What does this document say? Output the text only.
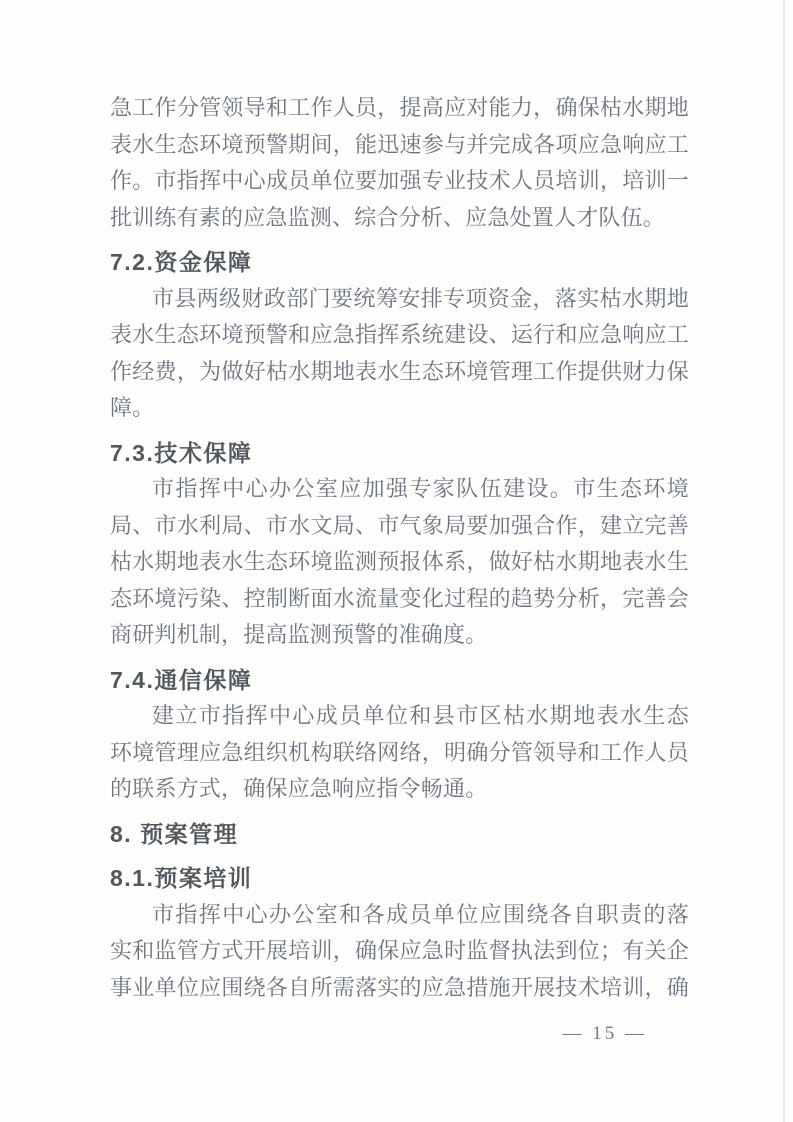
急工作分管领导和工作人员，提高应对能力，确保枯水期地
表水生态环境预警期间，能迅速参与并完成各项应急响应工
作。市指挥中心成员单位要加强专业技术人员培训，培训一
批训练有素的应急监测、综合分析、应急处置人才队伍。
7.2.资金保障
市县两级财政部门要统筹安排专项资金，落实枯水期地
表水生态环境预警和应急指挥系统建设、运行和应急响应工
作经费，为做好枯水期地表水生态环境管理工作提供财力保
障。
7.3.技术保障
市指挥中心办公室应加强专家队伍建设。市生态环境
局、市水利局、市水文局、市气象局要加强合作，建立完善
枯水期地表水生态环境监测预报体系，做好枯水期地表水生
态环境污染、控制断面水流量变化过程的趋势分析，完善会
商研判机制，提高监测预警的准确度。
7.4.通信保障
建立市指挥中心成员单位和县市区枯水期地表水生态
环境管理应急组织机构联络网络，明确分管领导和工作人员
的联系方式，确保应急响应指令畅通。
8. 预案管理
8.1.预案培训
市指挥中心办公室和各成员单位应围绕各自职责的落
实和监管方式开展培训，确保应急时监督执法到位；有关企
事业单位应围绕各自所需落实的应急措施开展技术培训，确
— 15 —
